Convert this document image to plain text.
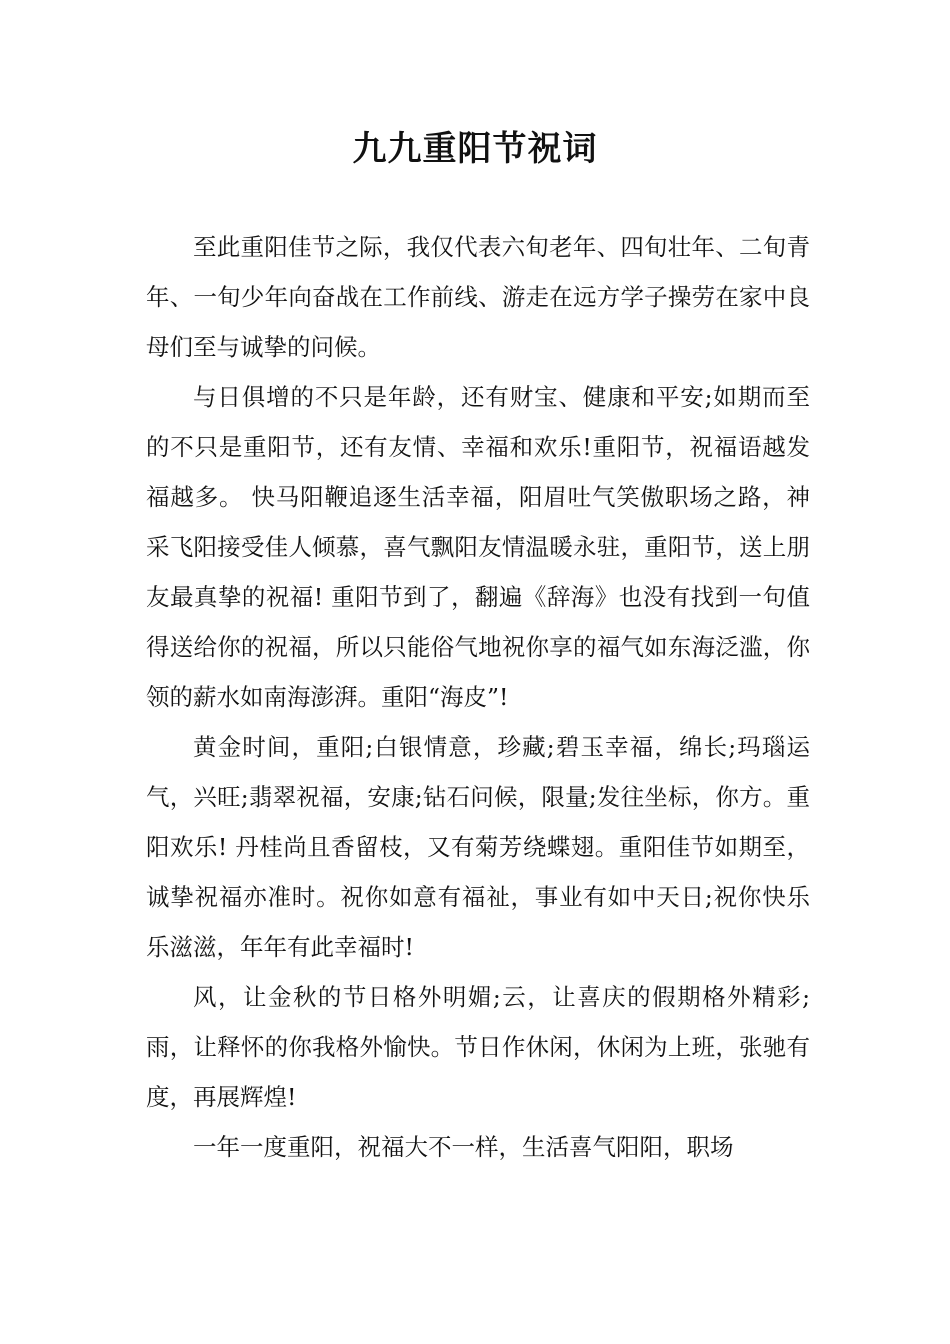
九九重阳节祝词

至此重阳佳节之际，我仅代表六旬老年、四旬壮年、二旬青年、一旬少年向奋战在工作前线、游走在远方学子操劳在家中良母们至与诚挚的问候。

与日俱增的不只是年龄，还有财宝、健康和平安;如期而至的不只是重阳节，还有友情、幸福和欢乐!重阳节，祝福语越发福越多。 快马阳鞭追逐生活幸福，阳眉吐气笑傲职场之路，神采飞阳接受佳人倾慕，喜气飘阳友情温暖永驻，重阳节，送上朋友最真挚的祝福! 重阳节到了，翻遍《辞海》也没有找到一句值得送给你的祝福，所以只能俗气地祝你享的福气如东海泛滥，你领的薪水如南海澎湃。重阳“海皮”!

黄金时间，重阳;白银情意，珍藏;碧玉幸福，绵长;玛瑙运气，兴旺;翡翠祝福，安康;钻石问候，限量;发往坐标，你方。重阳欢乐! 丹桂尚且香留枝，又有菊芳绕蝶翅。重阳佳节如期至，诚挚祝福亦准时。祝你如意有福祉，事业有如中天日;祝你快乐乐滋滋，年年有此幸福时!

风，让金秋的节日格外明媚;云，让喜庆的假期格外精彩;雨，让释怀的你我格外愉快。节日作休闲，休闲为上班，张驰有度，再展辉煌!

一年一度重阳，祝福大不一样，生活喜气阳阳，职场
